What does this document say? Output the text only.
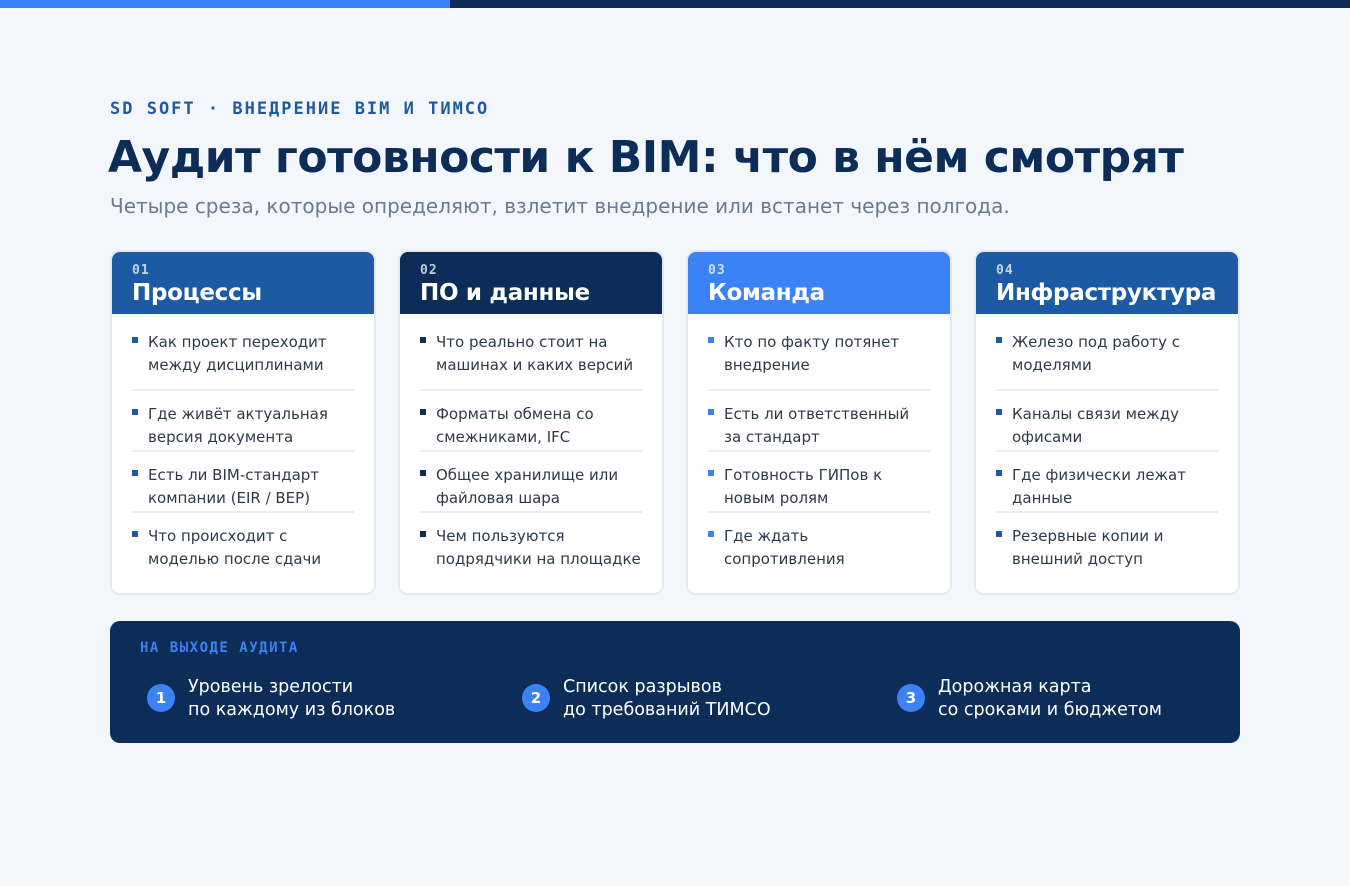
SD SOFT · ВНЕДРЕНИЕ BIM И ТИМСО
Аудит готовности к BIM: что в нём смотрят
Четыре среза, которые определяют, взлетит внедрение или встанет через полгода.
01
Процессы
Как проект переходит между дисциплинами
Где живёт актуальная версия документа
Есть ли BIM-стандарт компании (EIR / BEP)
Что происходит с моделью после сдачи
02
ПО и данные
Что реально стоит на машинах и каких версий
Форматы обмена со смежниками, IFC
Общее хранилище или файловая шара
Чем пользуются подрядчики на площадке
03
Команда
Кто по факту потянет внедрение
Есть ли ответственный за стандарт
Готовность ГИПов к новым ролям
Где ждать сопротивления
04
Инфраструктура
Железо под работу с моделями
Каналы связи между офисами
Где физически лежат данные
Резервные копии и внешний доступ
НА ВЫХОДЕ АУДИТА
1
Уровень зрелости
по каждому из блоков
2
Список разрывов
до требований ТИМСО
3
Дорожная карта
со сроками и бюджетом
